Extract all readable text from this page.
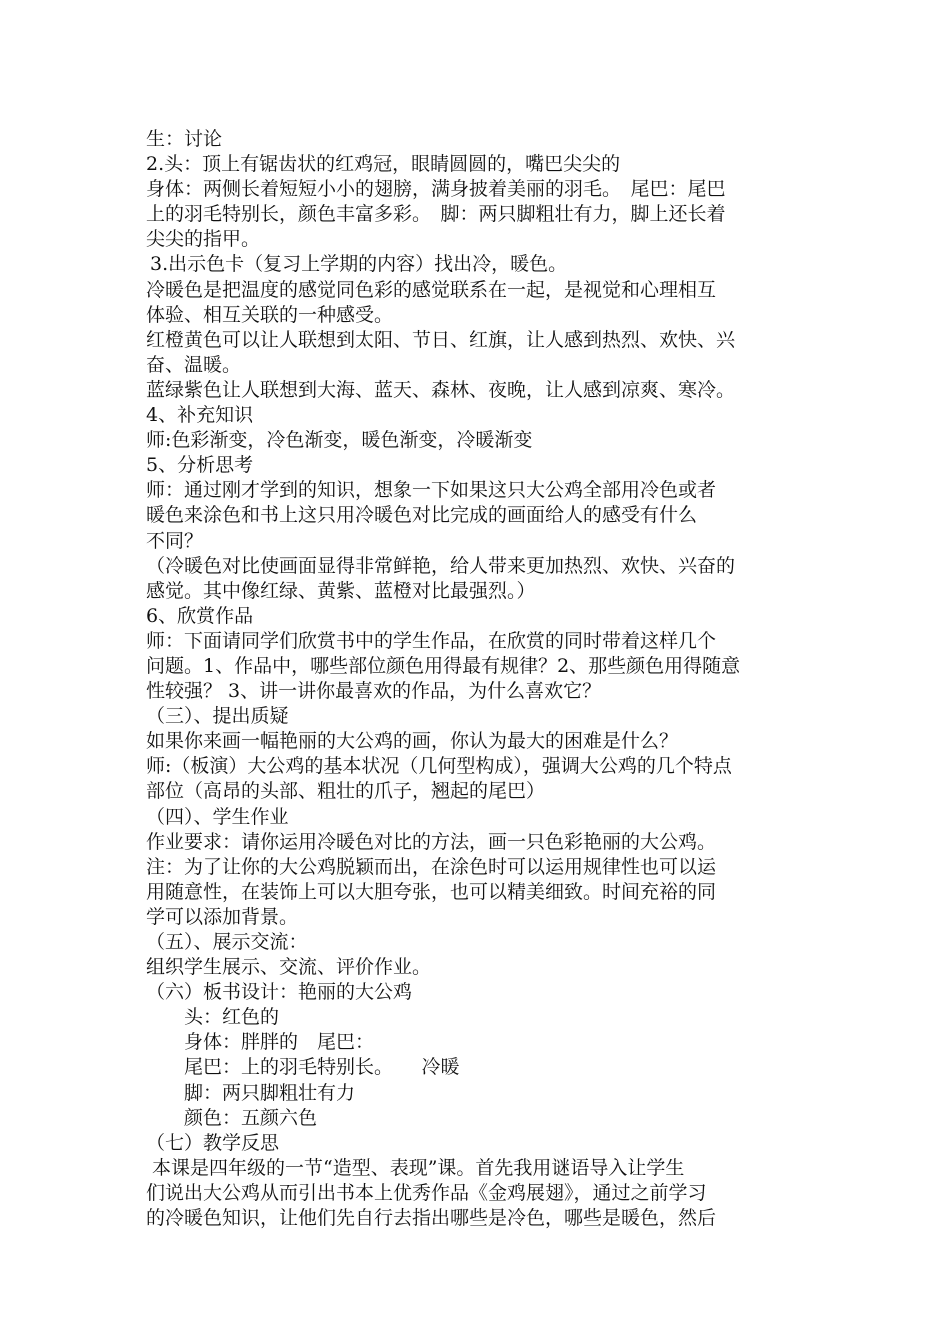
生：讨论

2.头：顶上有锯齿状的红鸡冠，眼睛圆圆的，嘴巴尖尖的

身体：两侧长着短短小小的翅膀，满身披着美丽的羽毛。　尾巴：尾巴

上的羽毛特别长，颜色丰富多彩。　脚：两只脚粗壮有力，脚上还长着

尖尖的指甲。

3.出示色卡（复习上学期的内容）找出冷，暖色。

冷暖色是把温度的感觉同色彩的感觉联系在一起，是视觉和心理相互

体验、相互关联的一种感受。

红橙黄色可以让人联想到太阳、节日、红旗，让人感到热烈、欢快、兴

奋、温暖。

蓝绿紫色让人联想到大海、蓝天、森林、夜晚，让人感到凉爽、寒冷。

4、补充知识

师:色彩渐变，冷色渐变，暖色渐变，冷暖渐变

5、分析思考

师：通过刚才学到的知识，想象一下如果这只大公鸡全部用冷色或者

暖色来涂色和书上这只用冷暖色对比完成的画面给人的感受有什么

不同？

（冷暖色对比使画面显得非常鲜艳，给人带来更加热烈、欢快、兴奋的

感觉。其中像红绿、黄紫、蓝橙对比最强烈。）

6、欣赏作品

师：下面请同学们欣赏书中的学生作品，在欣赏的同时带着这样几个

问题。1、作品中，哪些部位颜色用得最有规律？2、那些颜色用得随意

性较强？ 3、讲一讲你最喜欢的作品，为什么喜欢它？

（三）、提出质疑

如果你来画一幅艳丽的大公鸡的画，你认为最大的困难是什么？

师:（板演）大公鸡的基本状况（几何型构成），强调大公鸡的几个特点

部位（高昂的头部、粗壮的爪子，翘起的尾巴）

（四）、学生作业

作业要求：请你运用冷暖色对比的方法，画一只色彩艳丽的大公鸡。

注：为了让你的大公鸡脱颖而出，在涂色时可以运用规律性也可以运

用随意性，在装饰上可以大胆夸张，也可以精美细致。时间充裕的同

学可以添加背景。

（五）、展示交流：

组织学生展示、交流、评价作业。

（六）板书设计：艳丽的大公鸡

头：红色的

身体：胖胖的　尾巴：

尾巴：上的羽毛特别长。　　冷暖

脚：两只脚粗壮有力

颜色：五颜六色

（七）教学反思

本课是四年级的一节“造型、表现”课。首先我用谜语导入让学生

们说出大公鸡从而引出书本上优秀作品《金鸡展翅》，通过之前学习

的冷暖色知识，让他们先自行去指出哪些是冷色，哪些是暖色，然后
